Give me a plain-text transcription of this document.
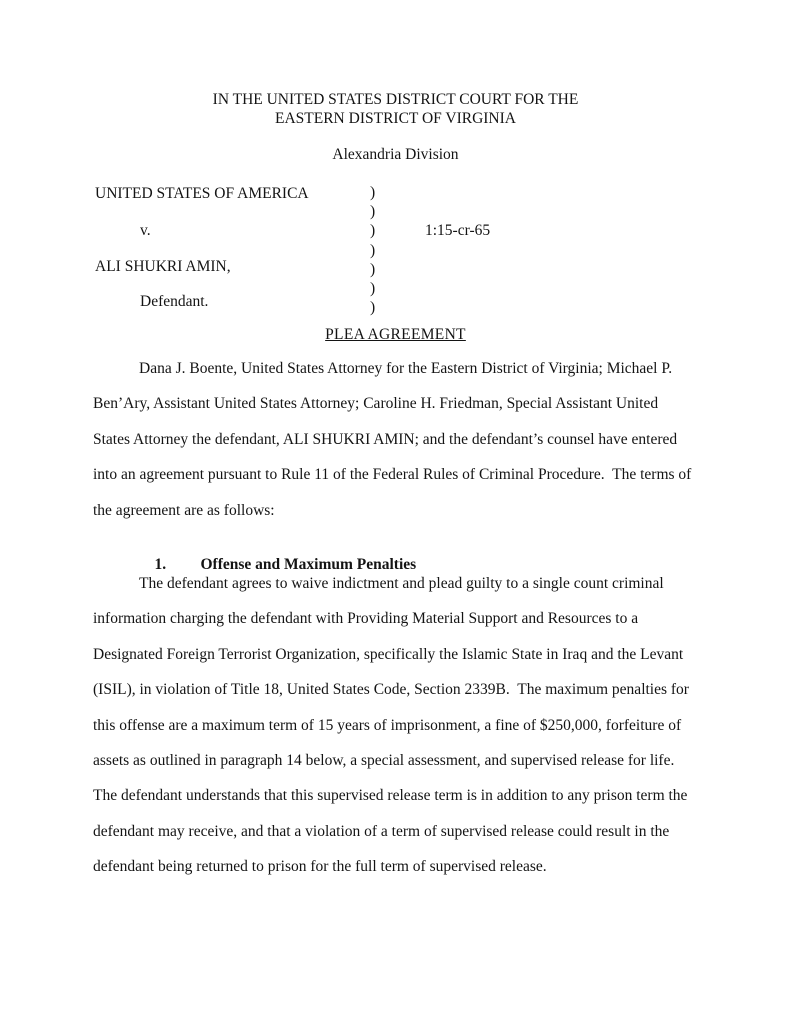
IN THE UNITED STATES DISTRICT COURT FOR THE
EASTERN DISTRICT OF VIRGINIA
Alexandria Division
UNITED STATES OF AMERICA
v.
ALI SHUKRI AMIN,
Defendant.
)
)
)
)
)
)
)
1:15-cr-65
PLEA AGREEMENT
Dana J. Boente, United States Attorney for the Eastern District of Virginia; Michael P.
Ben’Ary, Assistant United States Attorney; Caroline H. Friedman, Special Assistant United
States Attorney the defendant, ALI SHUKRI AMIN; and the defendant’s counsel have entered
into an agreement pursuant to Rule 11 of the Federal Rules of Criminal Procedure.  The terms of
the agreement are as follows:

1. Offense and Maximum Penalties

The defendant agrees to waive indictment and plead guilty to a single count criminal
information charging the defendant with Providing Material Support and Resources to a
Designated Foreign Terrorist Organization, specifically the Islamic State in Iraq and the Levant
(ISIL), in violation of Title 18, United States Code, Section 2339B.  The maximum penalties for
this offense are a maximum term of 15 years of imprisonment, a fine of $250,000, forfeiture of
assets as outlined in paragraph 14 below, a special assessment, and supervised release for life.
The defendant understands that this supervised release term is in addition to any prison term the
defendant may receive, and that a violation of a term of supervised release could result in the
defendant being returned to prison for the full term of supervised release.
